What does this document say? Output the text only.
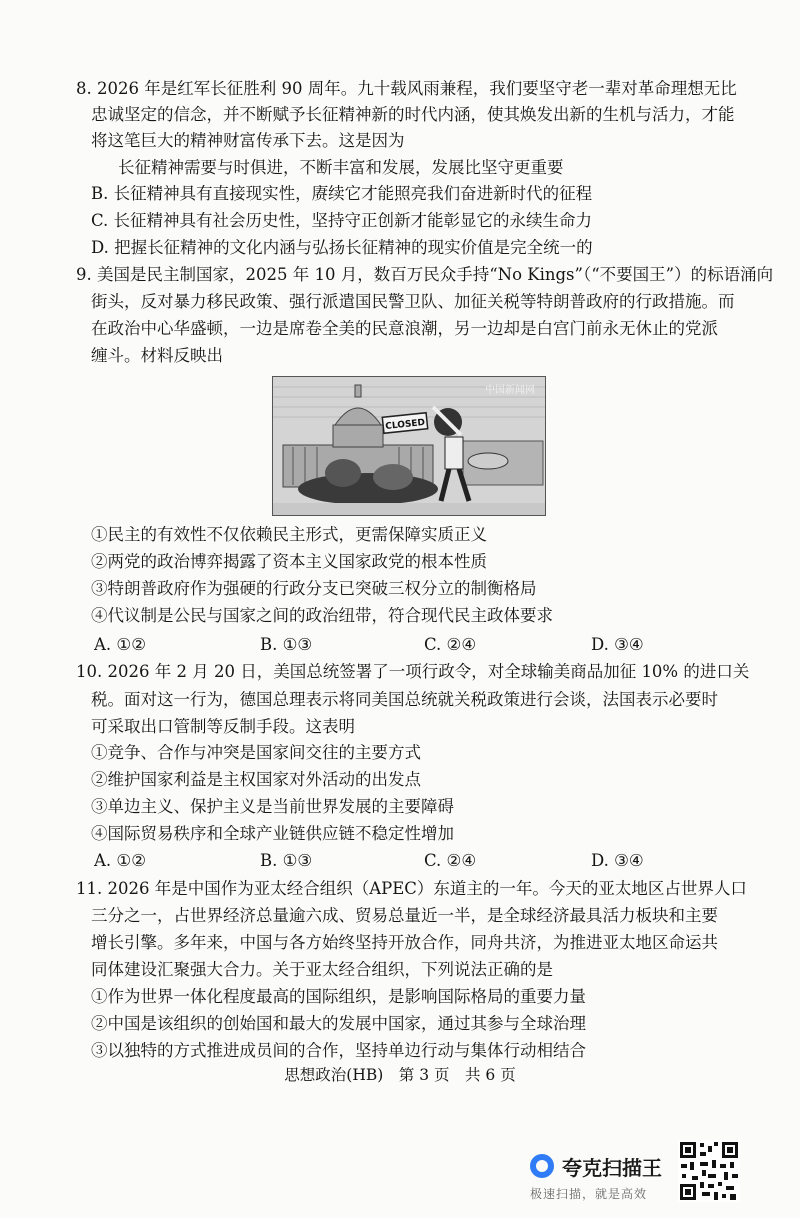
8. 2026 年是红军长征胜利 90 周年。九十载风雨兼程，我们要坚守老一辈对革命理想无比
忠诚坚定的信念，并不断赋予长征精神新的时代内涵，使其焕发出新的生机与活力，才能
将这笔巨大的精神财富传承下去。这是因为
长征精神需要与时俱进，不断丰富和发展，发展比坚守更重要
B. 长征精神具有直接现实性，赓续它才能照亮我们奋进新时代的征程
C. 长征精神具有社会历史性，坚持守正创新才能彰显它的永续生命力
D. 把握长征精神的文化内涵与弘扬长征精神的现实价值是完全统一的
9. 美国是民主制国家，2025 年 10 月，数百万民众手持“No Kings”（“不要国王”）的标语涌向
街头，反对暴力移民政策、强行派遣国民警卫队、加征关税等特朗普政府的行政措施。而
在政治中心华盛顿，一边是席卷全美的民意浪潮，另一边却是白宫门前永无休止的党派
缠斗。材料反映出
CLOSED
中国新闻网
①民主的有效性不仅依赖民主形式，更需保障实质正义
②两党的政治博弈揭露了资本主义国家政党的根本性质
③特朗普政府作为强硬的行政分支已突破三权分立的制衡格局
④代议制是公民与国家之间的政治纽带，符合现代民主政体要求
A. ①②	B. ①③	C. ②④	D. ③④
10. 2026 年 2 月 20 日，美国总统签署了一项行政令，对全球输美商品加征 10% 的进口关
税。面对这一行为，德国总理表示将同美国总统就关税政策进行会谈，法国表示必要时
可采取出口管制等反制手段。这表明
①竞争、合作与冲突是国家间交往的主要方式
②维护国家利益是主权国家对外活动的出发点
③单边主义、保护主义是当前世界发展的主要障碍
④国际贸易秩序和全球产业链供应链不稳定性增加
A. ①②	B. ①③	C. ②④	D. ③④
11. 2026 年是中国作为亚太经合组织（APEC）东道主的一年。今天的亚太地区占世界人口
三分之一，占世界经济总量逾六成、贸易总量近一半，是全球经济最具活力板块和主要
增长引擎。多年来，中国与各方始终坚持开放合作，同舟共济，为推进亚太地区命运共
同体建设汇聚强大合力。关于亚太经合组织，下列说法正确的是
①作为世界一体化程度最高的国际组织，是影响国际格局的重要力量
②中国是该组织的创始国和最大的发展中国家，通过其参与全球治理
③以独特的方式推进成员间的合作，坚持单边行动与集体行动相结合
思想政治(HB)　第 3 页　共 6 页
夸克扫描王
极速扫描，就是高效
